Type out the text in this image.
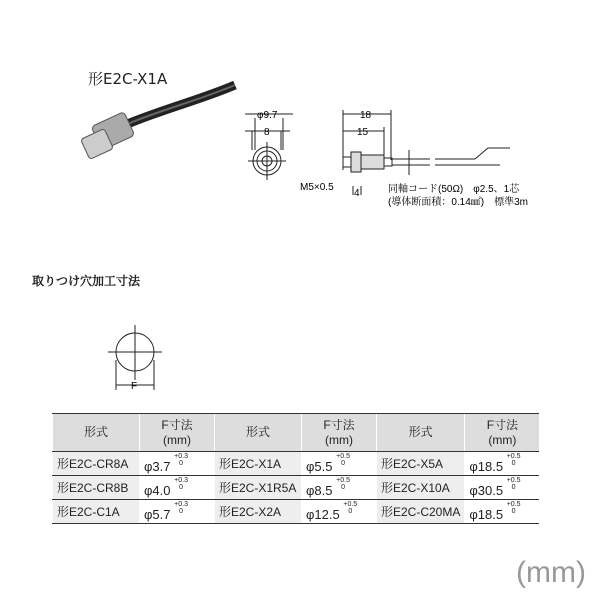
形E2C-X1A
φ9.7
8
18
15
M5×0.5
4	同軸コード(50Ω)　φ2.5、1芯
(導体断面積：0.14㎟)　標準3m
取りつけ穴加工寸法
F
形式	F寸法
(mm)	形式	F寸法
(mm)	形式	F寸法
(mm)
形E2C-CR8A	φ3.7 $^{+0.3 0}$	形E2C-X1A	φ5.5 $^{+0.5 0}$	形E2C-X5A	φ18.5 $^{+0.5 0}$
形E2C-CR8B	φ4.0 $^{+0.3 0}$	形E2C-X1R5A	φ8.5 $^{+0.5 0}$	形E2C-X10A	φ30.5 $^{+0.5 0}$
形E2C-C1A	φ5.7 $^{+0.3 0}$	形E2C-X2A	φ12.5 $^{+0.5 0}$	形E2C-C20MA	φ18.5 $^{+0.5 0}$
(mm)
